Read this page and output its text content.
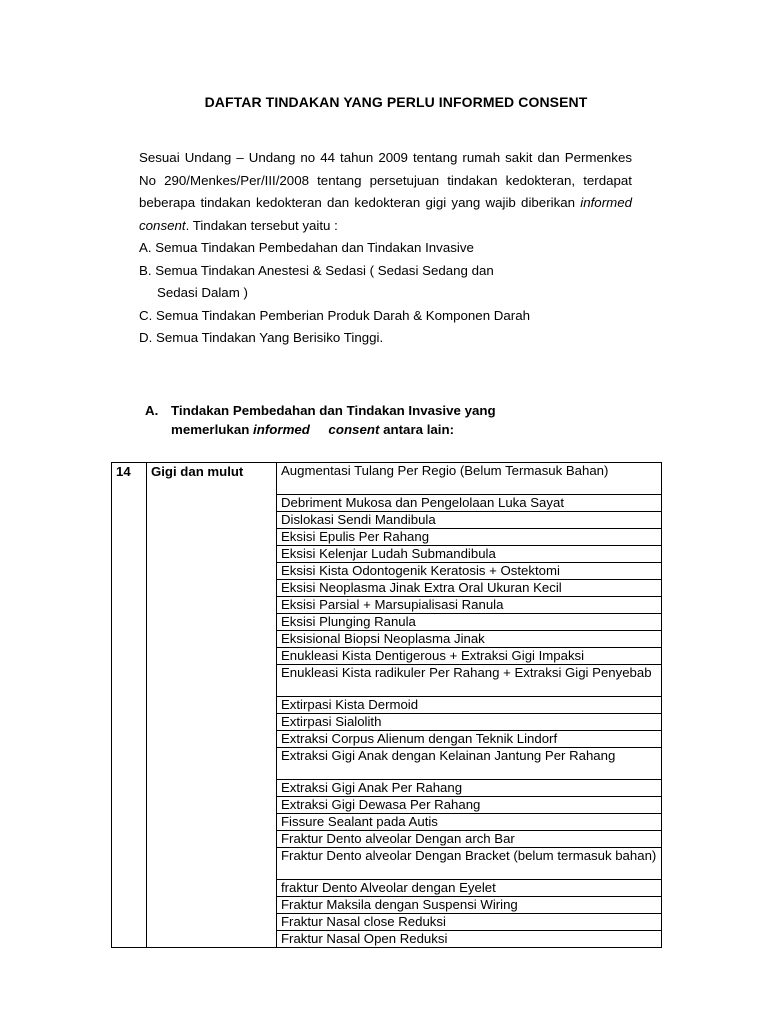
DAFTAR TINDAKAN YANG PERLU INFORMED CONSENT

Sesuai Undang – Undang no 44 tahun 2009 tentang rumah sakit dan Permenkes No 290/Menkes/Per/III/2008 tentang persetujuan tindakan kedokteran, terdapat beberapa tindakan kedokteran dan kedokteran gigi yang wajib diberikan informed consent. Tindakan tersebut yaitu :

A. Semua Tindakan Pembedahan dan Tindakan Invasive

B. Semua Tindakan Anestesi & Sedasi ( Sedasi Sedang dan

Sedasi Dalam )

C. Semua Tindakan Pemberian Produk Darah & Komponen Darah

D. Semua Tindakan Yang Berisiko Tinggi.

A. Tindakan Pembedahan dan Tindakan Invasive yang
memerlukan informed consent antara lain:
14	Gigi dan mulut	Augmentasi Tulang Per Regio (Belum Termasuk Bahan)
Debriment Mukosa dan Pengelolaan Luka Sayat
Dislokasi Sendi Mandibula
Eksisi Epulis Per Rahang
Eksisi Kelenjar Ludah Submandibula
Eksisi Kista Odontogenik Keratosis + Ostektomi
Eksisi Neoplasma Jinak Extra Oral Ukuran Kecil
Eksisi Parsial + Marsupialisasi Ranula
Eksisi Plunging Ranula
Eksisional Biopsi Neoplasma Jinak
Enukleasi Kista Dentigerous + Extraksi Gigi Impaksi
Enukleasi Kista radikuler Per Rahang + Extraksi Gigi Penyebab
Extirpasi Kista Dermoid
Extirpasi Sialolith
Extraksi Corpus Alienum dengan Teknik Lindorf
Extraksi Gigi Anak dengan Kelainan Jantung Per Rahang
Extraksi Gigi Anak Per Rahang
Extraksi Gigi Dewasa Per Rahang
Fissure Sealant pada Autis
Fraktur Dento alveolar Dengan arch Bar
Fraktur Dento alveolar Dengan Bracket (belum termasuk bahan)
fraktur Dento Alveolar dengan Eyelet
Fraktur Maksila dengan Suspensi Wiring
Fraktur Nasal close Reduksi
Fraktur Nasal Open Reduksi
